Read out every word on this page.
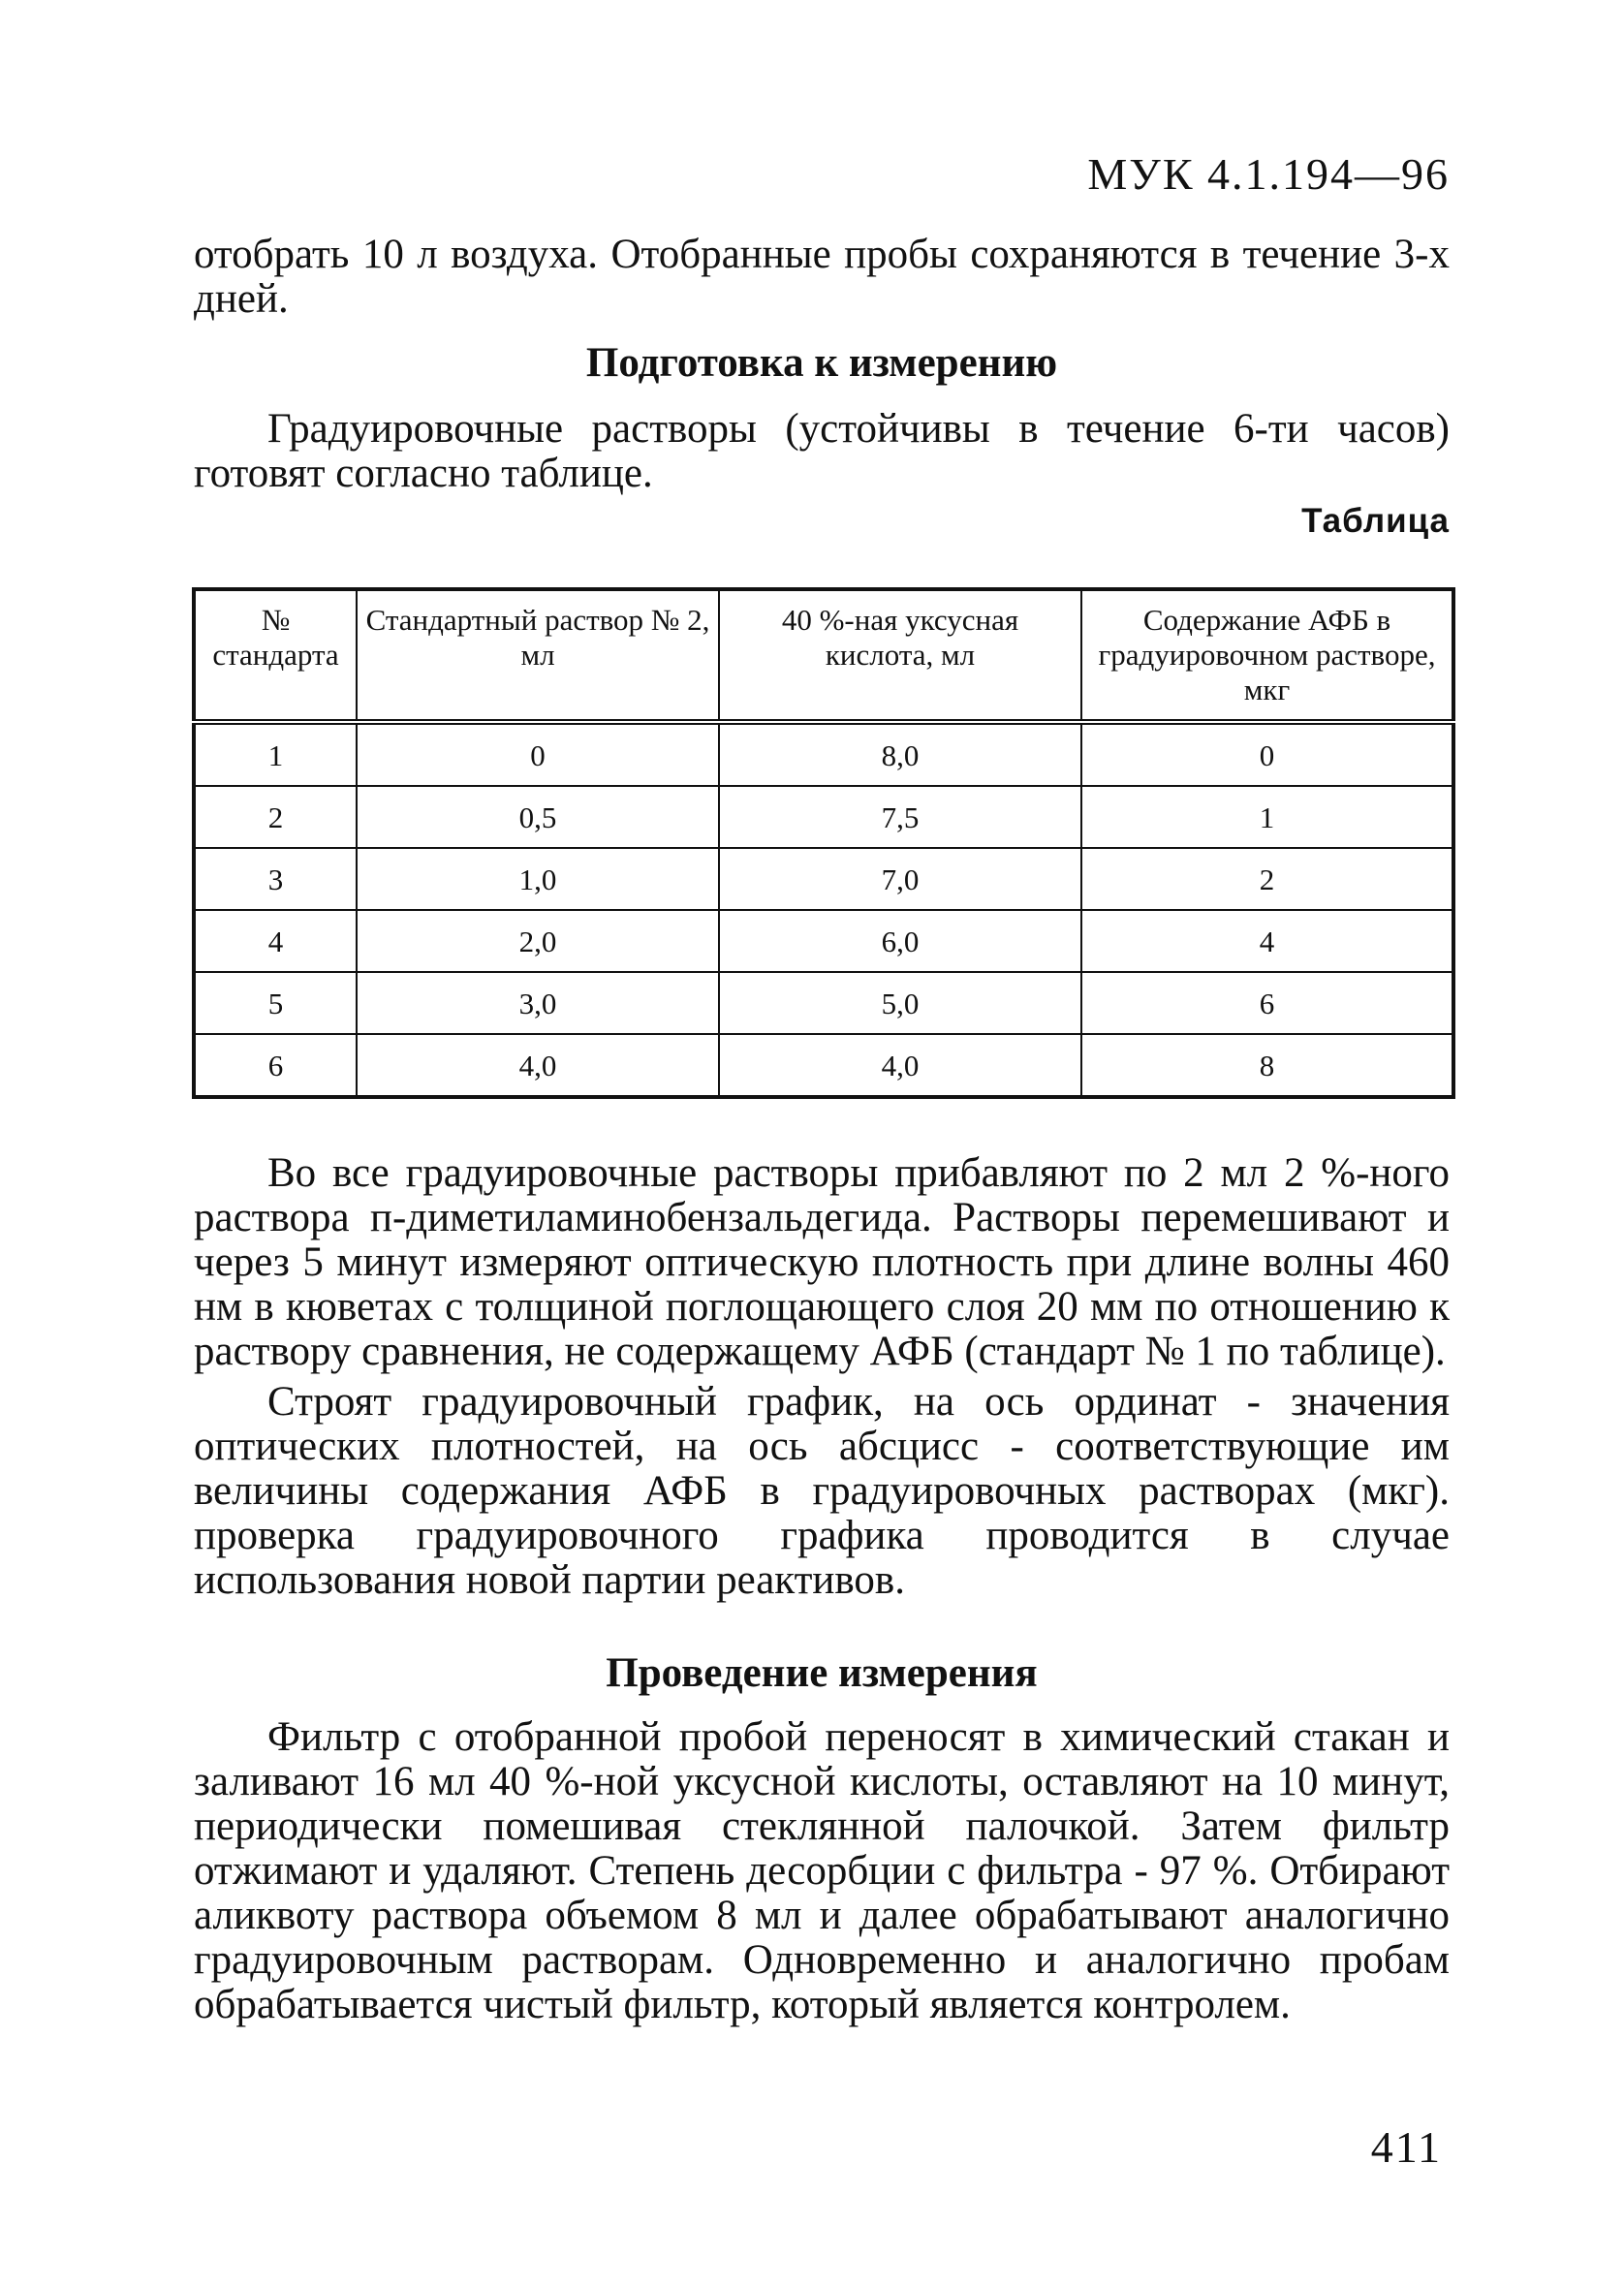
МУК 4.1.194—96

отобрать 10 л воздуха. Отобранные пробы сохраняются в течение 3-х дней.

Подготовка к измерению

Градуировочные растворы (устойчивы в течение 6-ти часов) готовят согласно таблице.

Таблица

№ стандарта	Стандартный раствор № 2, мл	40 %-ная уксусная кислота, мл	Содержание АФБ в градуировочном растворе, мкг
1	0	8,0	0
2	0,5	7,5	1
3	1,0	7,0	2
4	2,0	6,0	4
5	3,0	5,0	6
6	4,0	4,0	8

Во все градуировочные растворы прибавляют по 2 мл 2 %-ного раствора п-диметиламинобензальдегида. Растворы перемешивают и через 5 минут измеряют оптическую плотность при длине волны 460 нм в кюветах с толщиной поглощающего слоя 20 мм по отношению к раствору сравнения, не содержащему АФБ (стандарт № 1 по таблице).

Строят градуировочный график, на ось ординат - значения оптических плотностей, на ось абсцисс - соответствующие им величины содержания АФБ в градуировочных растворах (мкг). проверка градуировочного графика проводится в случае использования новой партии реактивов.

Проведение измерения

Фильтр с отобранной пробой переносят в химический стакан и заливают 16 мл 40 %-ной уксусной кислоты, оставляют на 10 минут, периодически помешивая стеклянной палочкой. Затем фильтр отжимают и удаляют. Степень десорбции с фильтра - 97 %. Отбирают аликвоту раствора объемом 8 мл и далее обрабатывают аналогично градуировочным растворам. Одновременно и аналогично пробам обрабатывается чистый фильтр, который является контролем.

411
